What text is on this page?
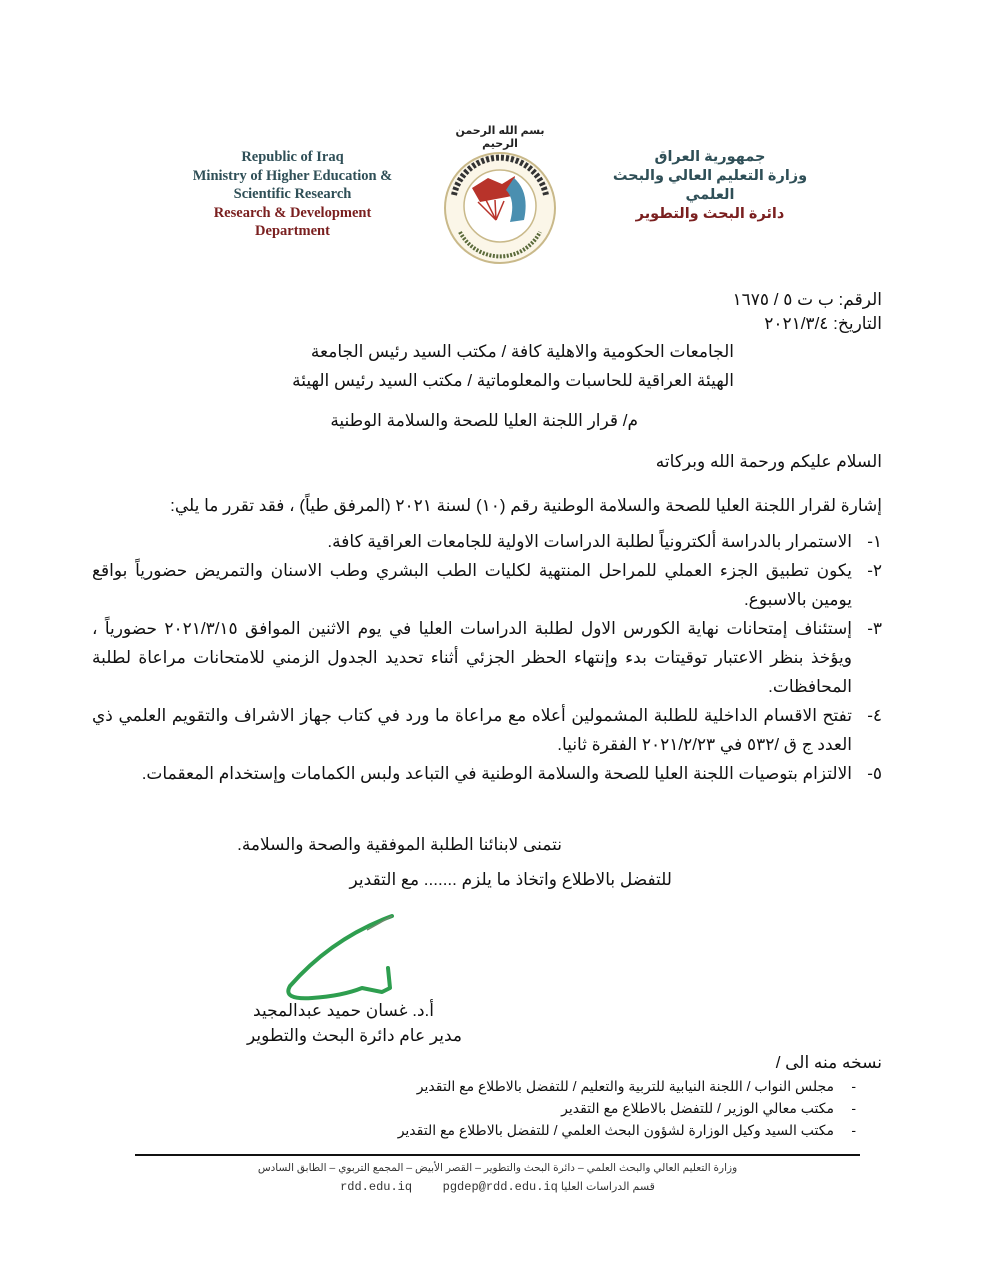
بسم الله الرحمن الرحيم
Republic of Iraq
Ministry of Higher Education &
Scientific Research
Research & Development
Department
جمهورية العراق
وزارة التعليم العالي والبحث العلمي
دائرة البحث والتطوير
الرقم: ب ت ٥ / ١٦٧٥
التاريخ: ٢٠٢١/٣/٤
الجامعات الحكومية والاهلية كافة / مكتب السيد رئيس الجامعة
الهيئة العراقية للحاسبات والمعلوماتية / مكتب السيد رئيس الهيئة
م/ قرار اللجنة العليا للصحة والسلامة الوطنية
السلام عليكم ورحمة الله وبركاته
إشارة لقرار اللجنة العليا للصحة والسلامة الوطنية رقم (١٠) لسنة ٢٠٢١ (المرفق طياً) ، فقد تقرر ما يلي:
١-
الاستمرار بالدراسة ألكترونياً لطلبة الدراسات الاولية للجامعات العراقية كافة.
٢-
يكون تطبيق الجزء العملي للمراحل المنتهية لكليات الطب البشري وطب الاسنان والتمريض حضورياً بواقع يومين بالاسبوع.
٣-
إستئناف إمتحانات نهاية الكورس الاول لطلبة الدراسات العليا في يوم الاثنين الموافق ٢٠٢١/٣/١٥ حضورياً ، ويؤخذ بنظر الاعتبار توقيتات بدء وإنتهاء الحظر الجزئي أثناء تحديد الجدول الزمني للامتحانات مراعاة لطلبة المحافظات.
٤-
تفتح الاقسام الداخلية للطلبة المشمولين أعلاه مع مراعاة ما ورد في كتاب جهاز الاشراف والتقويم العلمي ذي العدد ج ق /٥٣٢ في ٢٠٢١/٢/٢٣ الفقرة ثانيا.
٥-
الالتزام بتوصيات اللجنة العليا للصحة والسلامة الوطنية في التباعد ولبس الكمامات وإستخدام المعقمات.
نتمنى لابنائنا الطلبة الموفقية والصحة والسلامة.
للتفضل بالاطلاع واتخاذ ما يلزم ....... مع التقدير
أ.د. غسان حميد عبدالمجيد
مدير عام دائرة البحث والتطوير
نسخه منه الى /
-
مجلس النواب / اللجنة النيابية للتربية والتعليم / للتفضل بالاطلاع مع التقدير
-
مكتب معالي الوزير / للتفضل بالاطلاع مع التقدير
-
مكتب السيد وكيل الوزارة لشؤون البحث العلمي / للتفضل بالاطلاع مع التقدير
وزارة التعليم العالي والبحث العلمي – دائرة البحث والتطوير – القصر الأبيض – المجمع التربوي – الطابق السادس
rdd.edu.iq	pgdep@rdd.edu.iq قسم الدراسات العليا
